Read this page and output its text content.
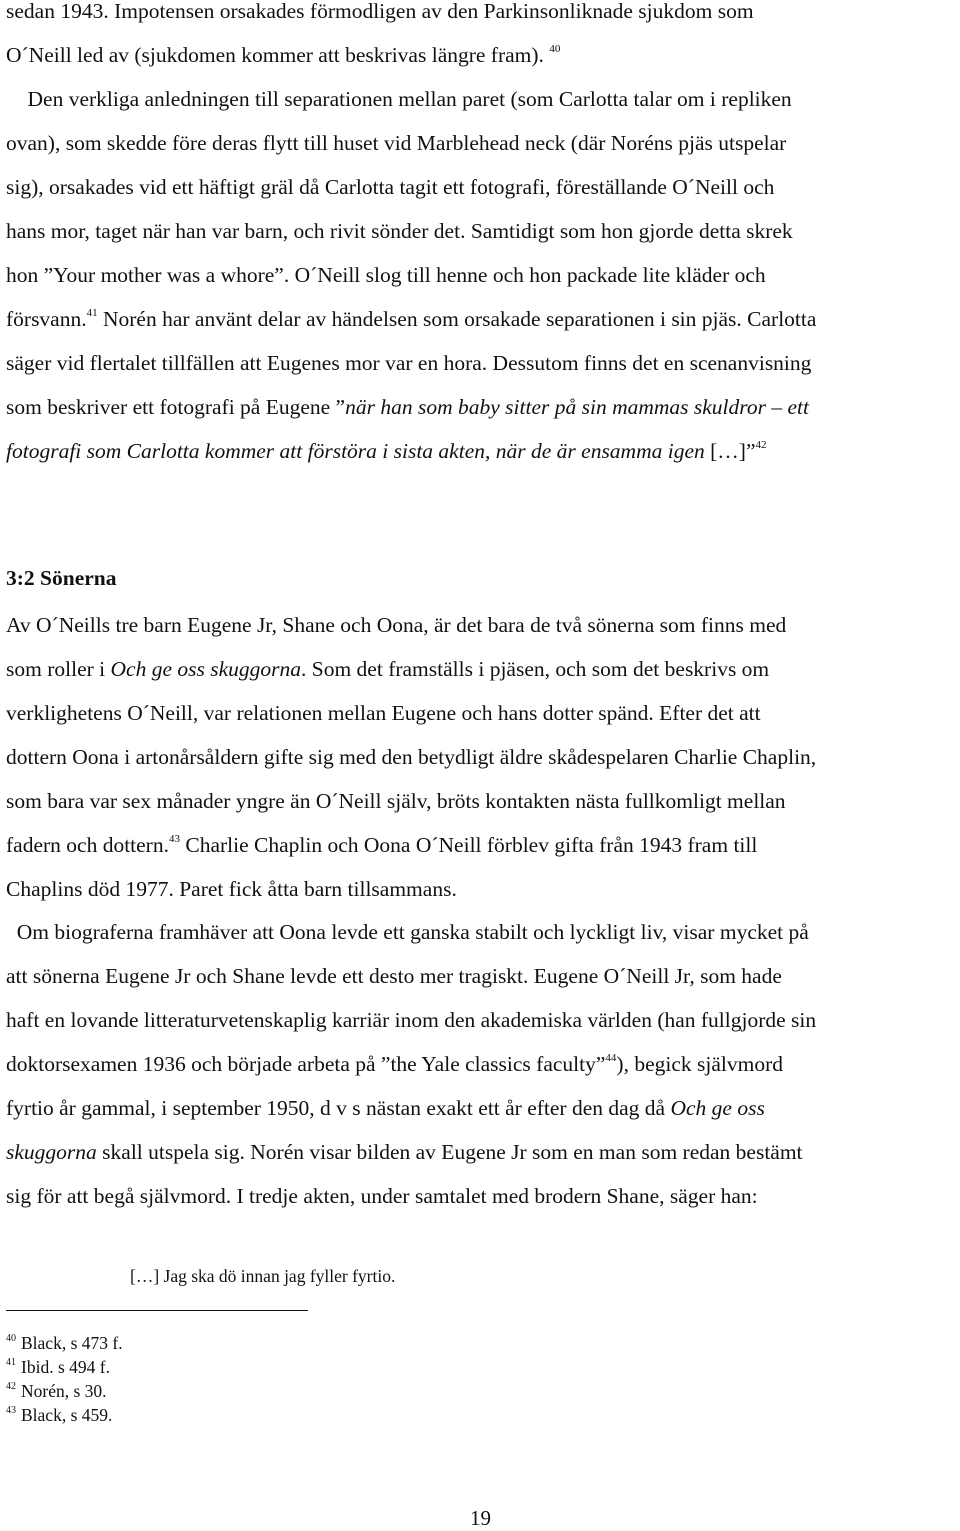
sedan 1943. Impotensen orsakades förmodligen av den Parkinsonliknade sjukdom som
O´Neill led av (sjukdomen kommer att beskrivas längre fram). $^{40}$
Den verkliga anledningen till separationen mellan paret (som Carlotta talar om i repliken
ovan), som skedde före deras flytt till huset vid Marblehead neck (där Noréns pjäs utspelar
sig), orsakades vid ett häftigt gräl då Carlotta tagit ett fotografi, föreställande O´Neill och
hans mor, taget när han var barn, och rivit sönder det. Samtidigt som hon gjorde detta skrek
hon ”Your mother was a whore”. O´Neill slog till henne och hon packade lite kläder och
försvann.$^{41}$ Norén har använt delar av händelsen som orsakade separationen i sin pjäs. Carlotta
säger vid flertalet tillfällen att Eugenes mor var en hora. Dessutom finns det en scenanvisning
som beskriver ett fotografi på Eugene ”när han som baby sitter på sin mammas skuldror – ett
fotografi som Carlotta kommer att förstöra i sista akten, när de är ensamma igen […]”$^{42}$
Av O´Neills tre barn Eugene Jr, Shane och Oona, är det bara de två sönerna som finns med
som roller i Och ge oss skuggorna. Som det framställs i pjäsen, och som det beskrivs om
verklighetens O´Neill, var relationen mellan Eugene och hans dotter spänd. Efter det att
dottern Oona i artonårsåldern gifte sig med den betydligt äldre skådespelaren Charlie Chaplin,
som bara var sex månader yngre än O´Neill själv, bröts kontakten nästa fullkomligt mellan
fadern och dottern.$^{43}$ Charlie Chaplin och Oona O´Neill förblev gifta från 1943 fram till
Chaplins död 1977. Paret fick åtta barn tillsammans.
Om biograferna framhäver att Oona levde ett ganska stabilt och lyckligt liv, visar mycket på
att sönerna Eugene Jr och Shane levde ett desto mer tragiskt. Eugene O´Neill Jr, som hade
haft en lovande litteraturvetenskaplig karriär inom den akademiska världen (han fullgjorde sin
doktorsexamen 1936 och började arbeta på ”the Yale classics faculty”$^{44}$), begick självmord
fyrtio år gammal, i september 1950, d v s nästan exakt ett år efter den dag då Och ge oss
skuggorna skall utspela sig. Norén visar bilden av Eugene Jr som en man som redan bestämt
sig för att begå självmord. I tredje akten, under samtalet med brodern Shane, säger han:
3:2 Sönerna
[…] Jag ska dö innan jag fyller fyrtio.
$^{40}$ Black, s 473 f.
$^{41}$ Ibid. s 494 f.
$^{42}$ Norén, s 30.
$^{43}$ Black, s 459.
19
